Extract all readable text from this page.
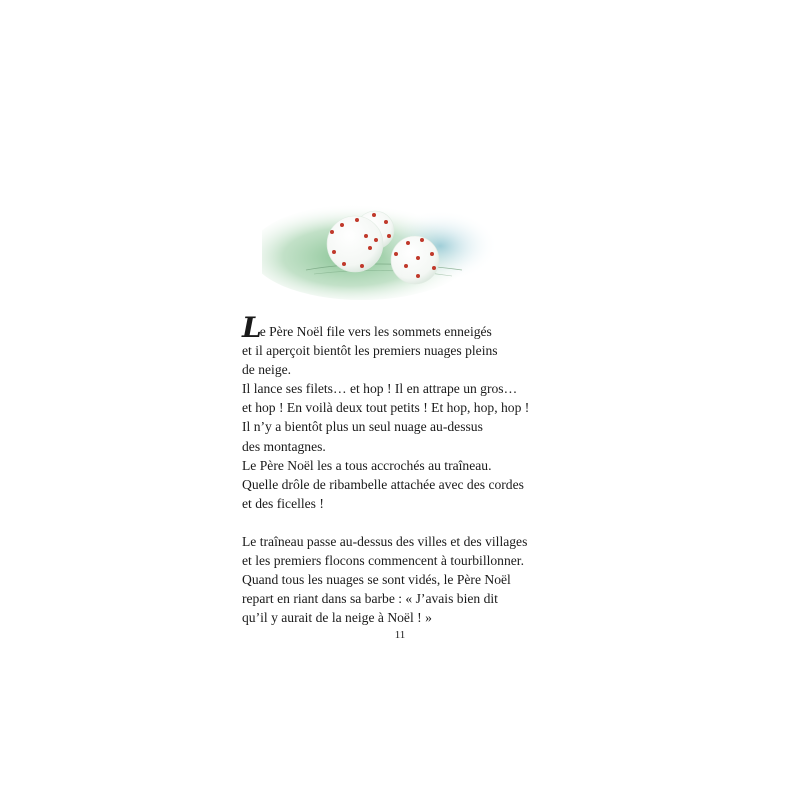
Le Père Noël file vers les sommets enneigés
et il aperçoit bientôt les premiers nuages pleins
de neige.
Il lance ses filets… et hop ! Il en attrape un gros…
et hop ! En voilà deux tout petits ! Et hop, hop, hop !
Il n’y a bientôt plus un seul nuage au-dessus
des montagnes.
Le Père Noël les a tous accrochés au traîneau.
Quelle drôle de ribambelle attachée avec des cordes
et des ficelles !
Le traîneau passe au-dessus des villes et des villages
et les premiers flocons commencent à tourbillonner.
Quand tous les nuages se sont vidés, le Père Noël
repart en riant dans sa barbe : « J’avais bien dit
qu’il y aurait de la neige à Noël ! »
11
